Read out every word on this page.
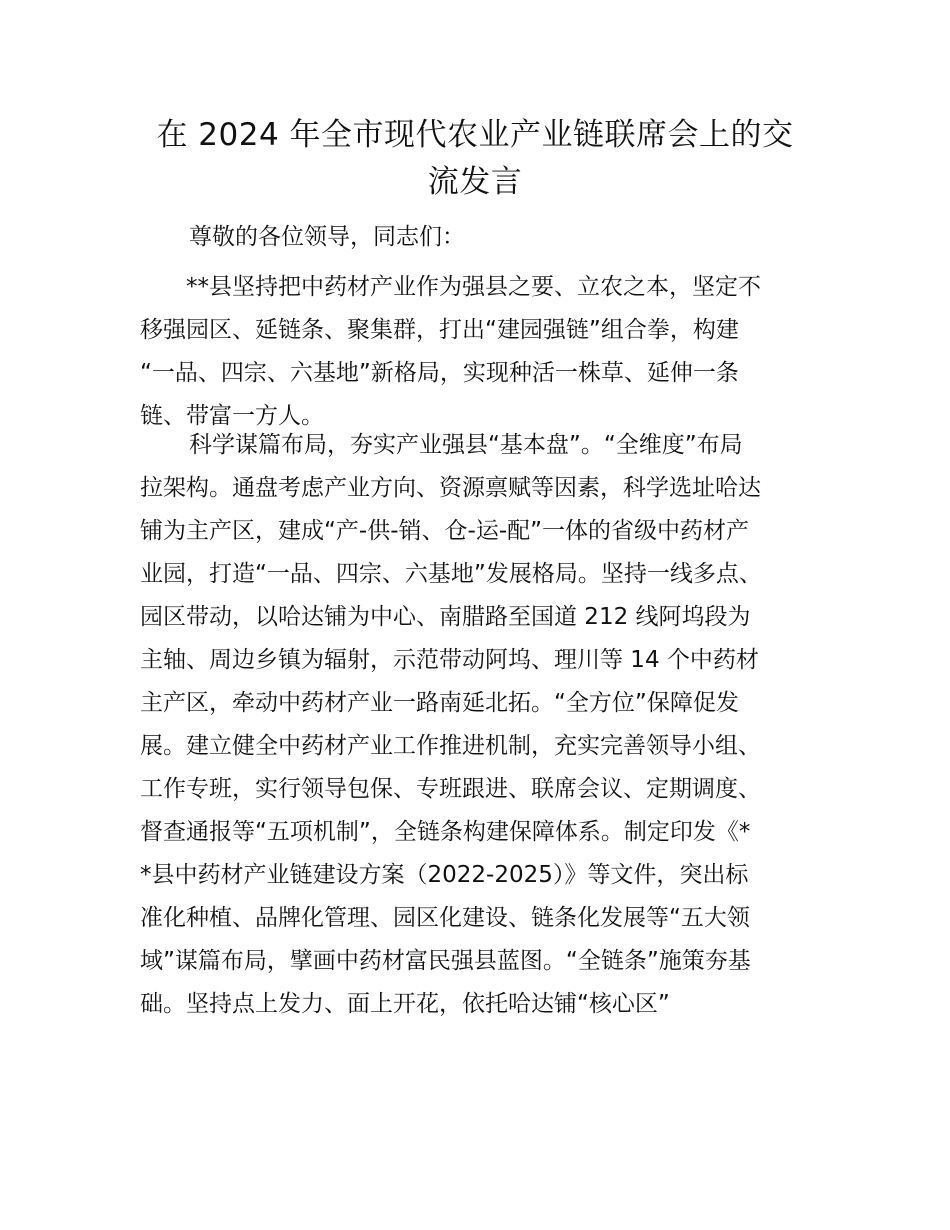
在 2024 年全市现代农业产业链联席会上的交
流发言

尊敬的各位领导，同志们：

**县坚持把中药材产业作为强县之要、立农之本，坚定不
移强园区、延链条、聚集群，打出“建园强链”组合拳，构建
“一品、四宗、六基地”新格局，实现种活一株草、延伸一条
链、带富一方人。

科学谋篇布局，夯实产业强县“基本盘”。“全维度”布局
拉架构。通盘考虑产业方向、资源禀赋等因素，科学选址哈达
铺为主产区，建成“产-供-销、仓-运-配”一体的省级中药材产
业园，打造“一品、四宗、六基地”发展格局。坚持一线多点、
园区带动，以哈达铺为中心、南腊路至国道 212 线阿坞段为
主轴、周边乡镇为辐射，示范带动阿坞、理川等 14 个中药材
主产区，牵动中药材产业一路南延北拓。“全方位”保障促发
展。建立健全中药材产业工作推进机制，充实完善领导小组、
工作专班，实行领导包保、专班跟进、联席会议、定期调度、
督查通报等“五项机制”，全链条构建保障体系。制定印发《*
*县中药材产业链建设方案（2022-2025）》等文件，突出标
准化种植、品牌化管理、园区化建设、链条化发展等“五大领
域”谋篇布局，擘画中药材富民强县蓝图。“全链条”施策夯基
础。坚持点上发力、面上开花，依托哈达铺“核心区”
